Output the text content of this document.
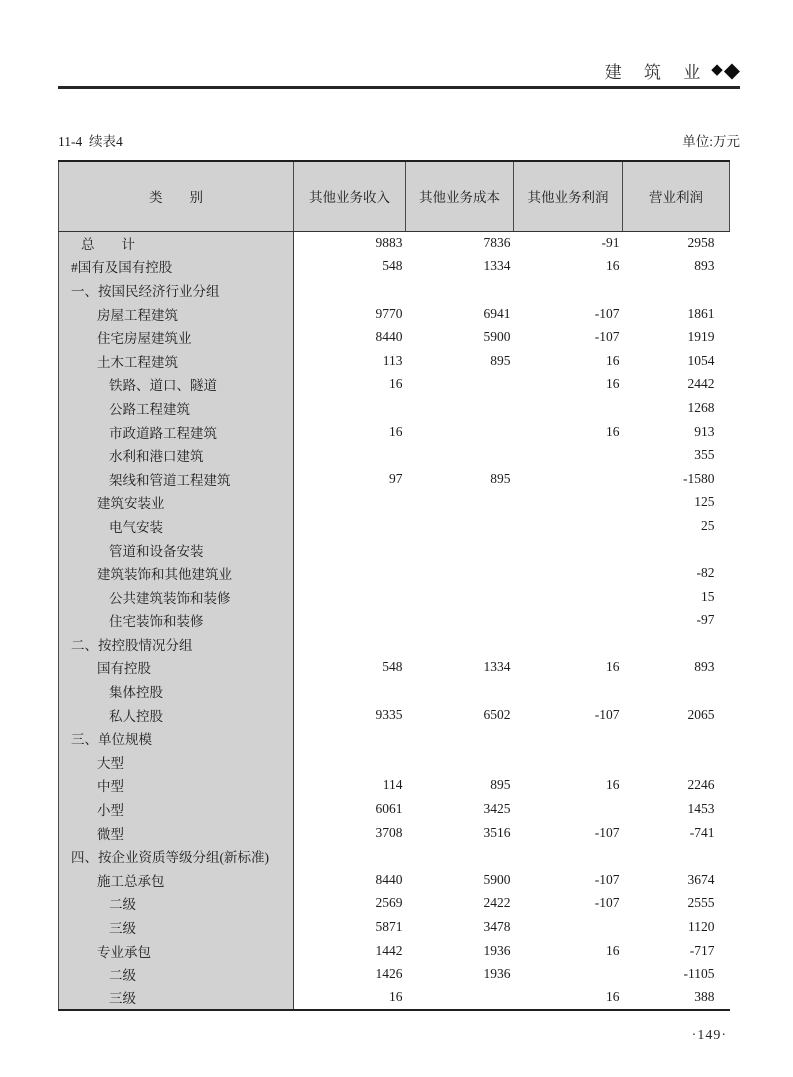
建 筑 业 ◆◆
11-4  续表4	单位:万元
类　　别	其他业务收入	其他业务成本	其他业务利润	营业利润
总　　计	9883	7836	-91	2958
#国有及国有控股	548	1334	16	893
一、按国民经济行业分组				
房屋工程建筑	9770	6941	-107	1861
住宅房屋建筑业	8440	5900	-107	1919
土木工程建筑	113	895	16	1054
铁路、道口、隧道	16		16	2442
公路工程建筑				1268
市政道路工程建筑	16		16	913
水利和港口建筑				355
架线和管道工程建筑	97	895		-1580
建筑安装业				125
电气安装				25
管道和设备安装				
建筑装饰和其他建筑业				-82
公共建筑装饰和装修				15
住宅装饰和装修				-97
二、按控股情况分组				
国有控股	548	1334	16	893
集体控股				
私人控股	9335	6502	-107	2065
三、单位规模				
大型				
中型	114	895	16	2246
小型	6061	3425		1453
微型	3708	3516	-107	-741
四、按企业资质等级分组(新标准)				
施工总承包	8440	5900	-107	3674
二级	2569	2422	-107	2555
三级	5871	3478		1120
专业承包	1442	1936	16	-717
二级	1426	1936		-1105
三级	16		16	388
·149·
